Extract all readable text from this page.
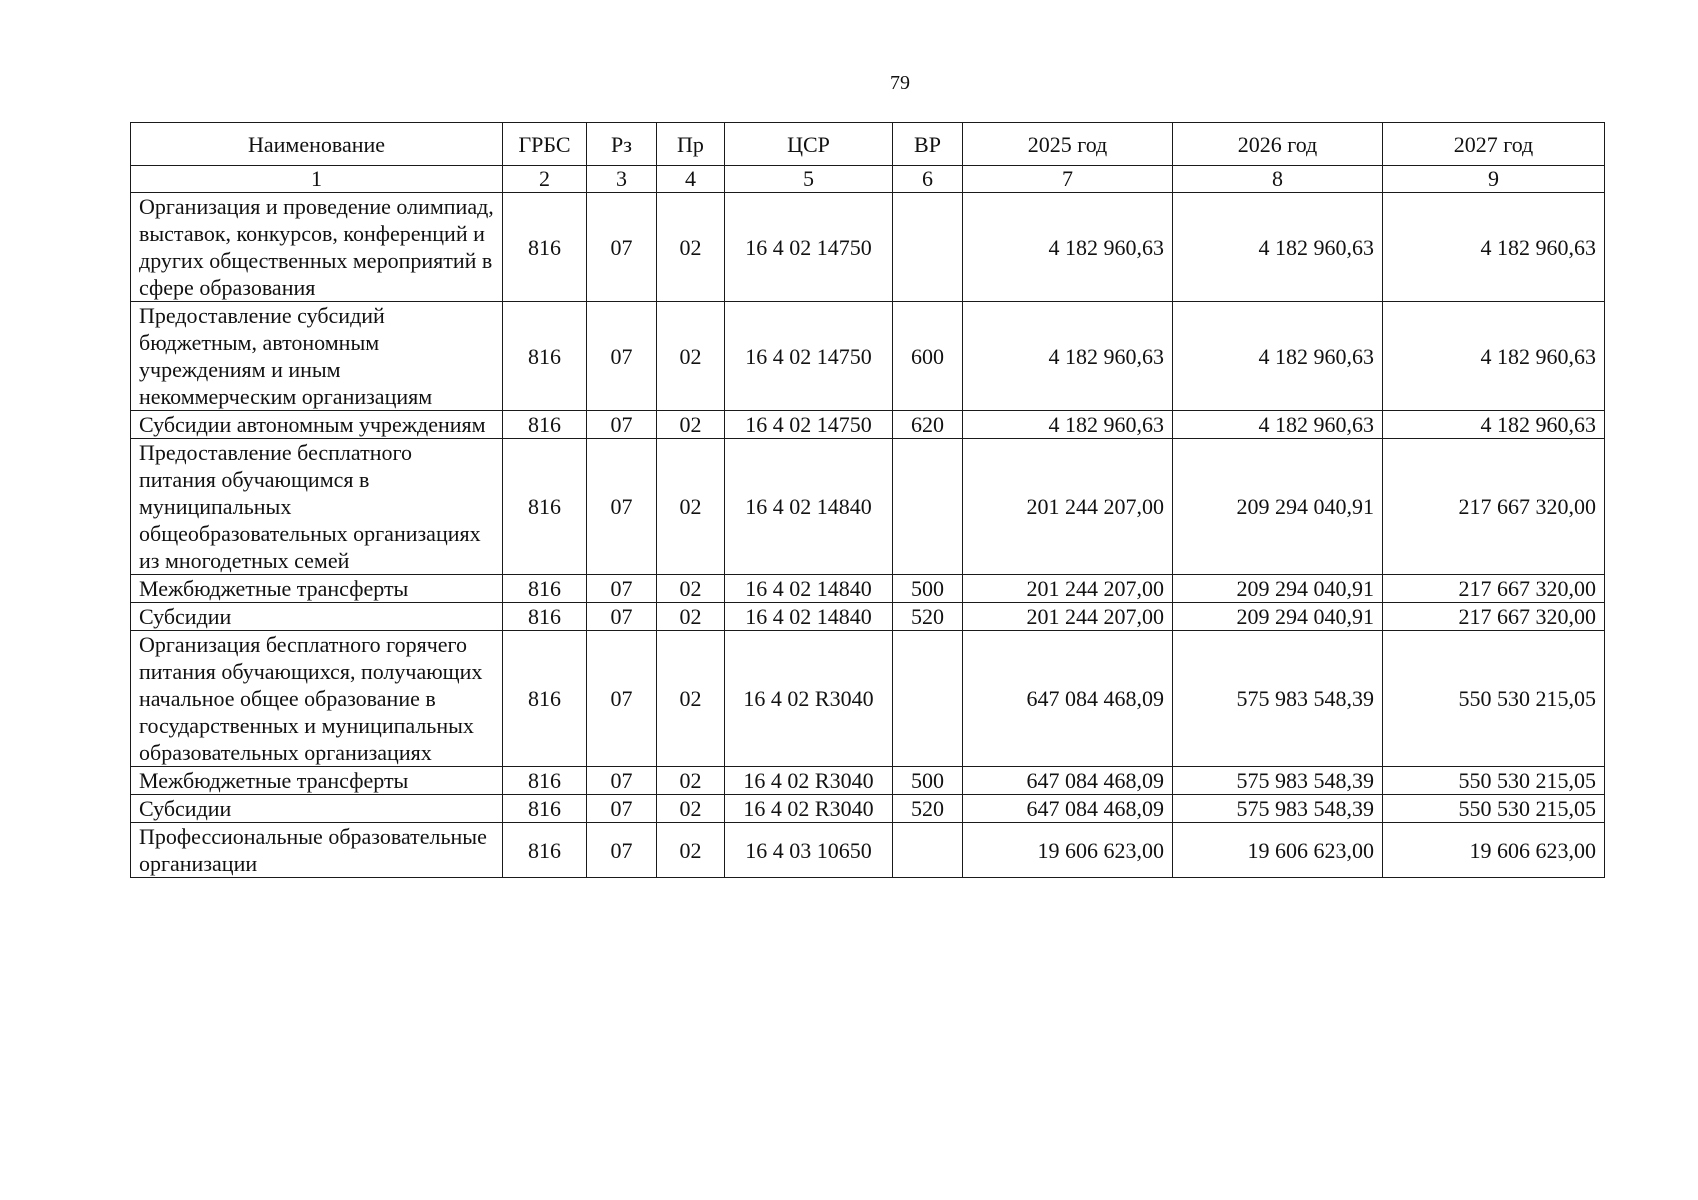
79
Наименование	ГРБС	Рз	Пр	ЦСР	ВР	2025 год	2026 год	2027 год
1	2	3	4	5	6	7	8	9
Организация и проведение олимпиад, выставок, конкурсов, конференций и других общественных мероприятий в сфере образования	816	07	02	16 4 02 14750		4 182 960,63	4 182 960,63	4 182 960,63
Предоставление субсидий бюджетным, автономным учреждениям и иным некоммерческим организациям	816	07	02	16 4 02 14750	600	4 182 960,63	4 182 960,63	4 182 960,63
Субсидии автономным учреждениям	816	07	02	16 4 02 14750	620	4 182 960,63	4 182 960,63	4 182 960,63
Предоставление бесплатного питания обучающимся в муниципальных общеобразовательных организациях из многодетных семей	816	07	02	16 4 02 14840		201 244 207,00	209 294 040,91	217 667 320,00
Межбюджетные трансферты	816	07	02	16 4 02 14840	500	201 244 207,00	209 294 040,91	217 667 320,00
Субсидии	816	07	02	16 4 02 14840	520	201 244 207,00	209 294 040,91	217 667 320,00
Организация бесплатного горячего питания обучающихся, получающих начальное общее образование в государственных и муниципальных образовательных организациях	816	07	02	16 4 02 R3040		647 084 468,09	575 983 548,39	550 530 215,05
Межбюджетные трансферты	816	07	02	16 4 02 R3040	500	647 084 468,09	575 983 548,39	550 530 215,05
Субсидии	816	07	02	16 4 02 R3040	520	647 084 468,09	575 983 548,39	550 530 215,05
Профессиональные образовательные организации	816	07	02	16 4 03 10650		19 606 623,00	19 606 623,00	19 606 623,00
